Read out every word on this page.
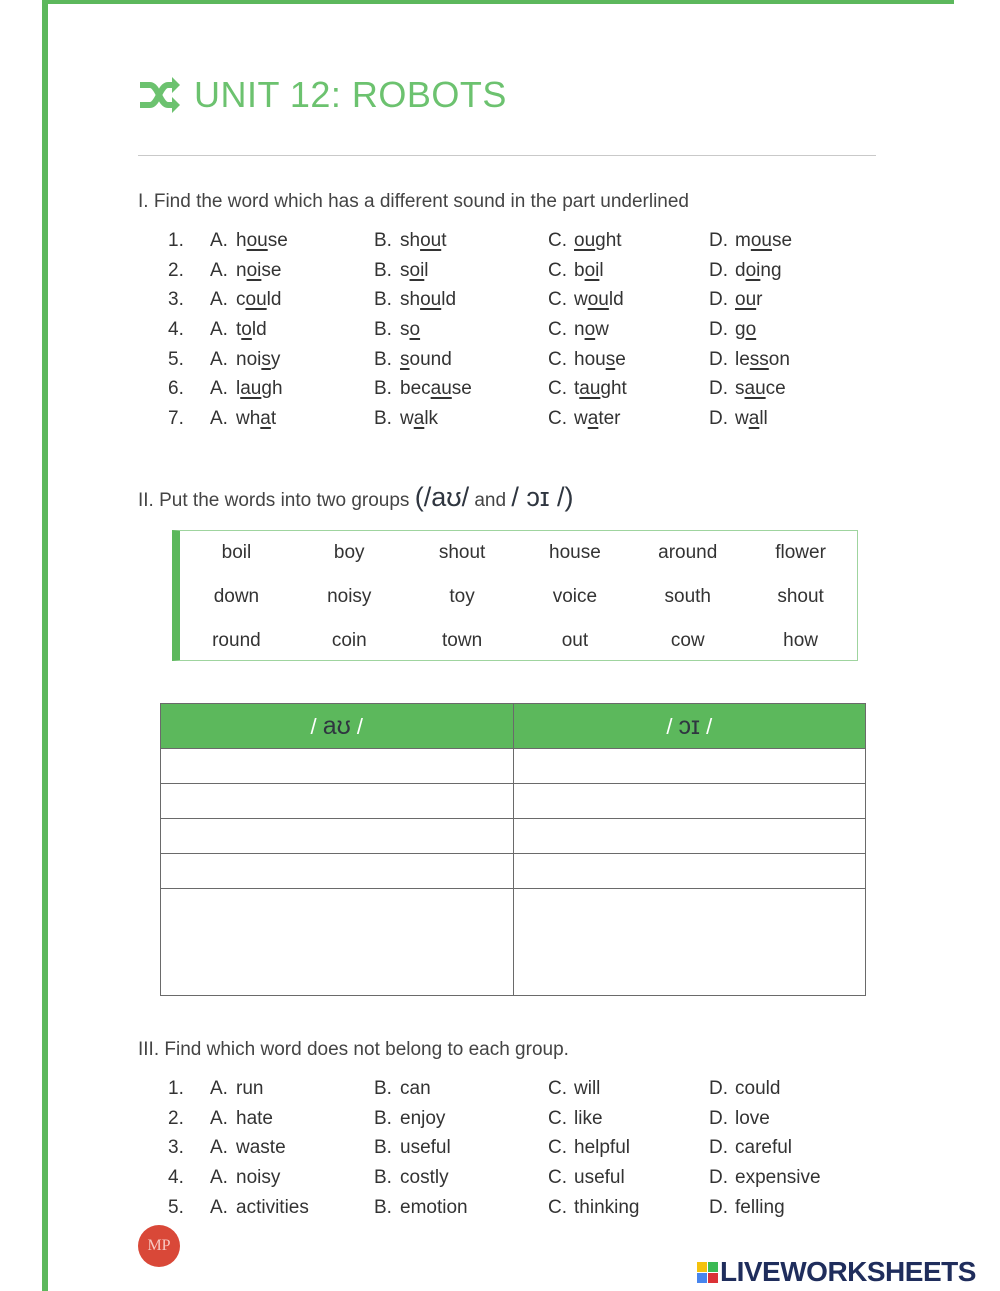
UNIT 12: ROBOTS
I. Find the word which has a different sound in the part underlined
1.	A. house	B. shout	C. ought	D. mouse
2.	A. noise	B. soil	C. boil	D. doing
3.	A. could	B. should	C. would	D. our
4.	A. told	B. so	C. now	D. go
5.	A. noisy	B. sound	C. house	D. lesson
6.	A. laugh	B. because	C. taught	D. sauce
7.	A. what	B. walk	C. water	D. wall
II. Put the words into two groups (/aʊ/ and / ɔɪ /)
boil	boy	shout	house	around	flower
down	noisy	toy	voice	south	shout
round	coin	town	out	cow	how
/ aʊ /	/ ɔɪ /

III. Find which word does not belong to each group.
1.	A. run	B. can	C. will	D. could
2.	A. hate	B. enjoy	C. like	D. love
3.	A. waste	B. useful	C. helpful	D. careful
4.	A. noisy	B. costly	C. useful	D. expensive
5.	A. activities	B. emotion	C. thinking	D. felling
MP
LIVEWORKSHEETS
